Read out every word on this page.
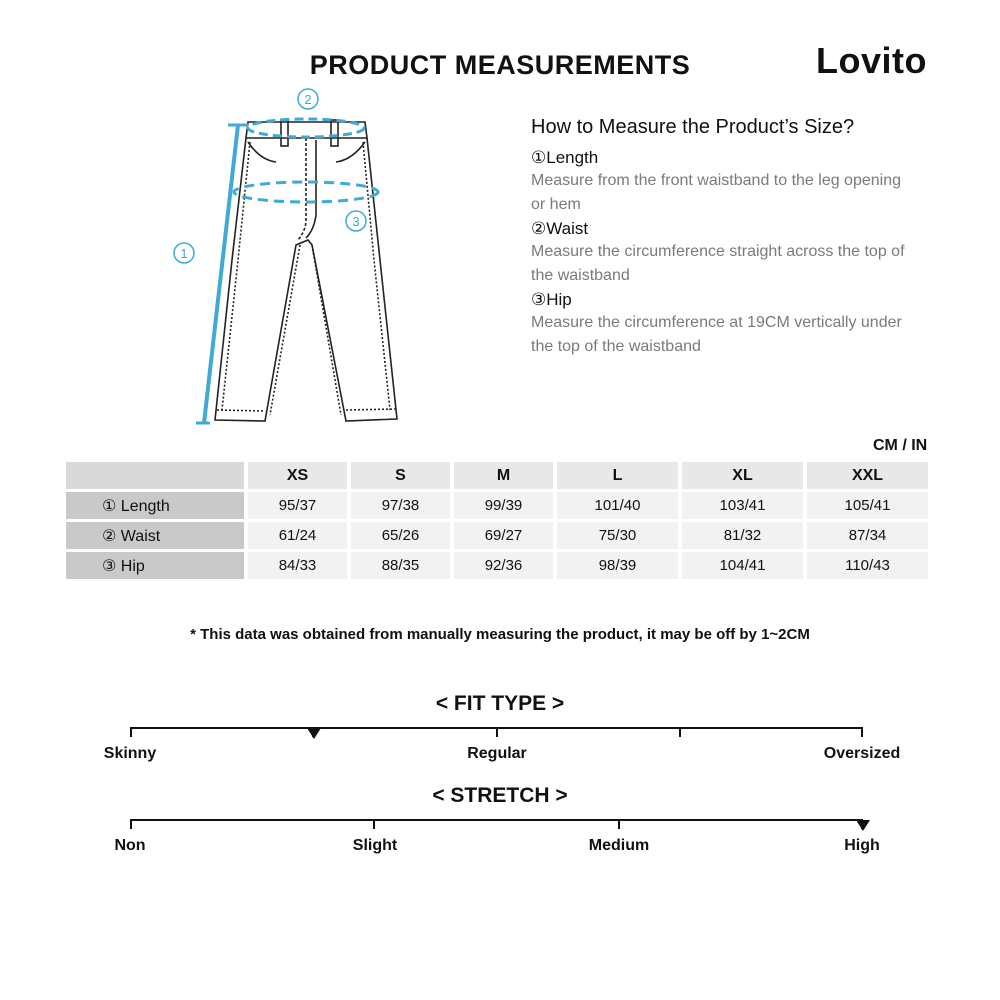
PRODUCT MEASUREMENTS	Lovito
2
1
3
How to Measure the Product’s Size?
①Length
Measure from the front waistband to the leg opening or hem
②Waist
Measure the circumference straight across the top of the waistband
③Hip
Measure the circumference at 19CM vertically under the top of the waistband
CM / IN
	XS	S	M	L	XL	XXL
① Length	95/37	97/38	99/39	101/40	103/41	105/41
② Waist	61/24	65/26	69/27	75/30	81/32	87/34
③ Hip	84/33	88/35	92/36	98/39	104/41	110/43
* This data was obtained from manually measuring the product, it may be off by 1~2CM
< FIT TYPE >
Skinny	Regular	Oversized
< STRETCH >
Non	Slight	Medium	High
